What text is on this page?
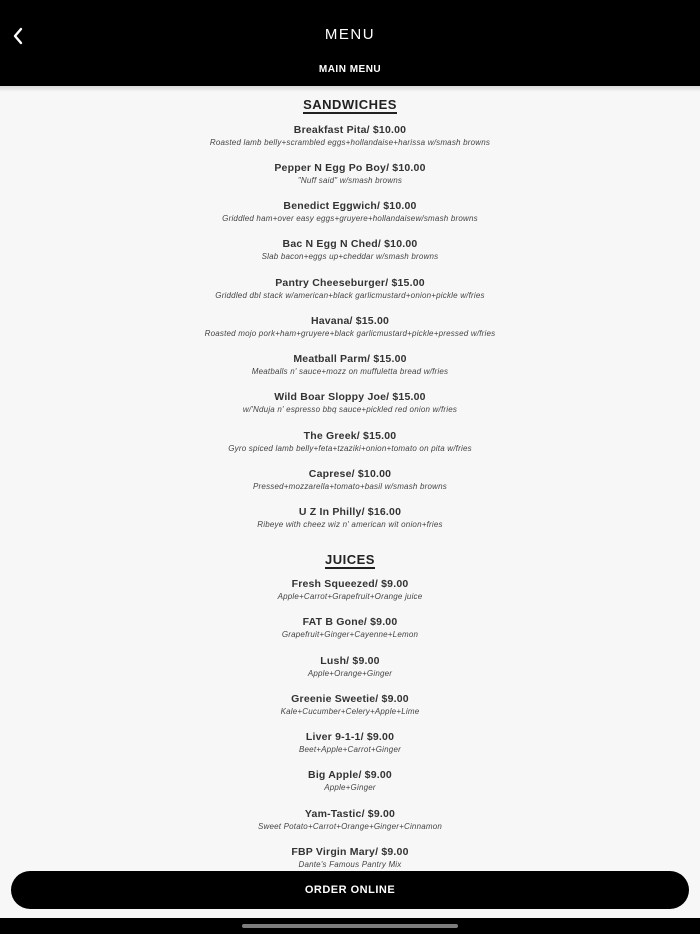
MENU
MAIN MENU
SANDWICHES
Breakfast Pita/ $10.00
Roasted lamb belly+scrambled eggs+hollandaise+harissa w/smash browns
Pepper N Egg Po Boy/ $10.00
"Nuff said" w/smash browns
Benedict Eggwich/ $10.00
Griddled ham+over easy eggs+gruyere+hollandaisew/smash browns
Bac N Egg N Ched/ $10.00
Slab bacon+eggs up+cheddar w/smash browns
Pantry Cheeseburger/ $15.00
Griddled dbl stack w/american+black garlicmustard+onion+pickle w/fries
Havana/ $15.00
Roasted mojo pork+ham+gruyere+black garlicmustard+pickle+pressed w/fries
Meatball Parm/ $15.00
Meatballs n' sauce+mozz on muffuletta bread w/fries
Wild Boar Sloppy Joe/ $15.00
w/'Nduja n' espresso bbq sauce+pickled red onion w/fries
The Greek/ $15.00
Gyro spiced lamb belly+feta+tzaziki+onion+tomato on pita w/fries
Caprese/ $10.00
Pressed+mozzarella+tomato+basil w/smash browns
U Z In Philly/ $16.00
Ribeye with cheez wiz n' american wit onion+fries
JUICES
Fresh Squeezed/ $9.00
Apple+Carrot+Grapefruit+Orange juice
FAT B Gone/ $9.00
Grapefruit+Ginger+Cayenne+Lemon
Lush/ $9.00
Apple+Orange+Ginger
Greenie Sweetie/ $9.00
Kale+Cucumber+Celery+Apple+Lime
Liver 9-1-1/ $9.00
Beet+Apple+Carrot+Ginger
Big Apple/ $9.00
Apple+Ginger
Yam-Tastic/ $9.00
Sweet Potato+Carrot+Orange+Ginger+Cinnamon
FBP Virgin Mary/ $9.00
Dante's Famous Pantry Mix
ORDER ONLINE
